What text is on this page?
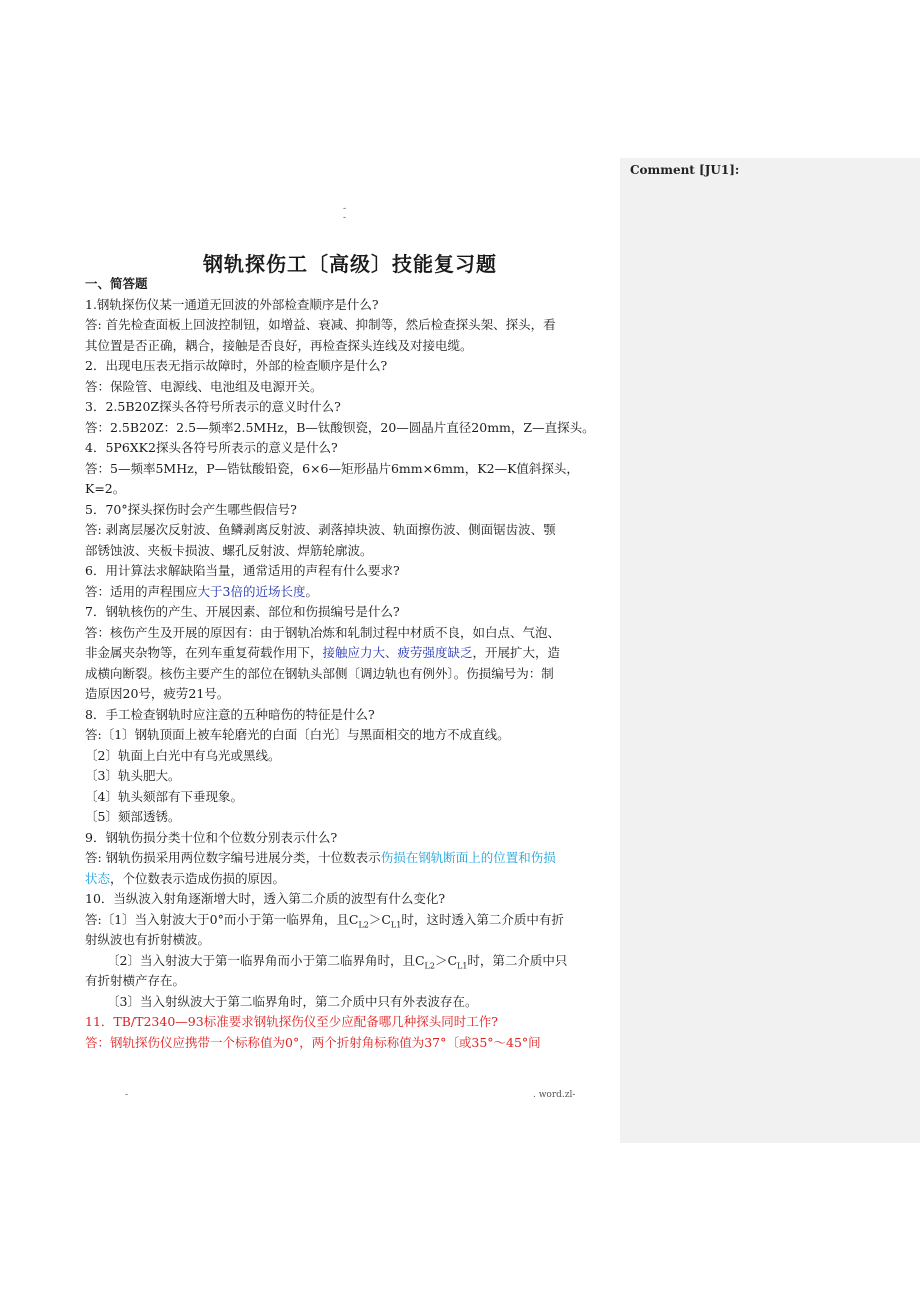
Comment [JU1]:
-
-
钢轨探伤工〔高级〕技能复习题
一、简答题
1.钢轨探伤仪某一通道无回波的外部检查顺序是什么?
答: 首先检查面板上回波控制钮，如增益、衰减、抑制等，然后检查探头架、探头，看
其位置是否正确，耦合，接触是否良好，再检查探头连线及对接电缆。
2．出现电压表无指示故障时，外部的检查顺序是什么?
答：保险管、电源线、电池组及电源开关。
3．2.5B20Z探头各符号所表示的意义时什么?
答：2.5B20Z：2.5—频率2.5MHz，B—钛酸钡瓷，20—圆晶片直径20mm，Z—直探头。
4．5P6XK2探头各符号所表示的意义是什么?
答：5—频率5MHz，P—锆钛酸铅瓷，6×6—矩形晶片6mm×6mm，K2—K值斜探头，
K=2。
5．70°探头探伤时会产生哪些假信号?
答: 剥离层屡次反射波、鱼鳞剥离反射波、剥落掉块波、轨面擦伤波、侧面锯齿波、颚
部锈蚀波、夹板卡损波、螺孔反射波、焊筋轮廓波。
6．用计算法求解缺陷当量，通常适用的声程有什么要求?
答：适用的声程围应大于3倍的近场长度。
7．钢轨核伤的产生、开展因素、部位和伤损编号是什么?
答：核伤产生及开展的原因有：由于钢轨冶炼和轧制过程中材质不良，如白点、气泡、
非金属夹杂物等，在列车重复荷载作用下，接触应力大、疲劳强度缺乏，开展扩大，造
成横向断裂。核伤主要产生的部位在钢轨头部侧〔调边轨也有例外〕。伤损编号为：制
造原因20号，疲劳21号。
8．手工检查钢轨时应注意的五种暗伤的特征是什么?
答:〔1〕钢轨顶面上被车轮磨光的白面〔白光〕与黑面相交的地方不成直线。
〔2〕轨面上白光中有乌光或黑线。
〔3〕轨头肥大。
〔4〕轨头颏部有下垂现象。
〔5〕颏部透锈。
9．钢轨伤损分类十位和个位数分别表示什么?
答: 钢轨伤损采用两位数字编号进展分类，十位数表示伤损在钢轨断面上的位置和伤损
状态，个位数表示造成伤损的原因。
10．当纵波入射角逐渐增大时，透入第二介质的波型有什么变化?
答:〔1〕当入射波大于0°而小于第一临界角，且$C_{L2}>C_{L1}$时，这时透入第二介质中有折
射纵波也有折射横波。
〔2〕当入射波大于第一临界角而小于第二临界角时，且$C_{L2}>C_{L1}$时，第二介质中只
有折射横产存在。
〔3〕当入射纵波大于第二临界角时，第二介质中只有外表波存在。
11．TB/T2340—93标准要求钢轨探伤仪至少应配备哪几种探头同时工作?
答：钢轨探伤仪应携带一个标称值为0°，两个折射角标称值为37°〔或35°～45°间
-	. word.zl-
